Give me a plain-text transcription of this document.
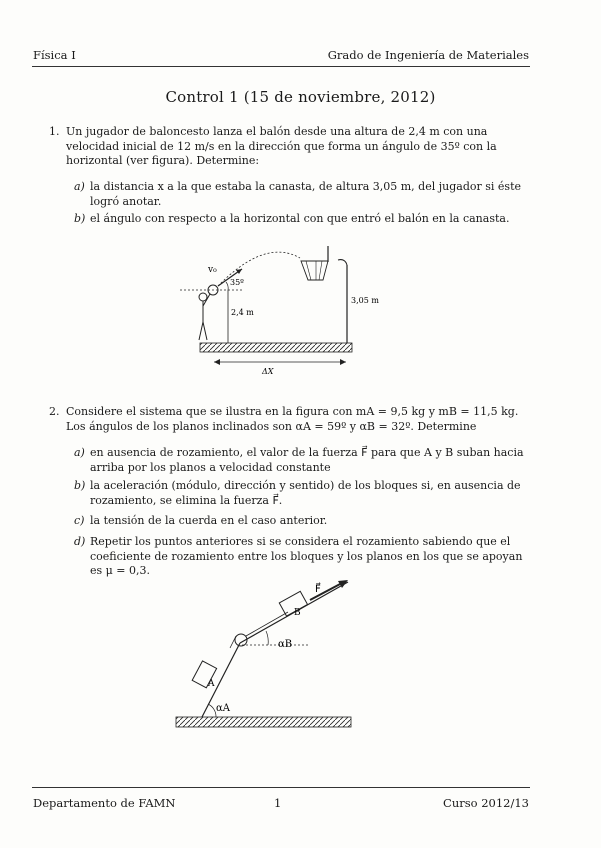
Física I	Grado de Ingeniería de Materiales
Control 1 (15 de noviembre, 2012)
1. Un jugador de baloncesto lanza el balón desde una altura de 2,4 m con una velocidad inicial de 12 m/s en la dirección que forma un ángulo de 35º con la horizontal (ver figura). Determine:
a) la distancia x a la que estaba la canasta, de altura 3,05 m, del jugador si éste logró anotar.
b) el ángulo con respecto a la horizontal con que entró el balón en la canasta.
v₀
35º
2,4 m
3,05 m
ΔX
2. Considere el sistema que se ilustra en la figura con mA = 9,5 kg y mB = 11,5 kg. Los ángulos de los planos inclinados son αA = 59º y αB = 32º. Determine
a) en ausencia de rozamiento, el valor de la fuerza F⃗ para que A y B suban hacia arriba por los planos a velocidad constante
b) la aceleración (módulo, dirección y sentido) de los bloques si, en ausencia de rozamiento, se elimina la fuerza F⃗.
c) la tensión de la cuerda en el caso anterior.
d) Repetir los puntos anteriores si se considera el rozamiento sabiendo que el coeficiente de rozamiento entre los bloques y los planos en los que se apoyan es μ = 0,3.
A
B
F⃗
αB
αA
Departamento de FAMN	1	Curso 2012/13
